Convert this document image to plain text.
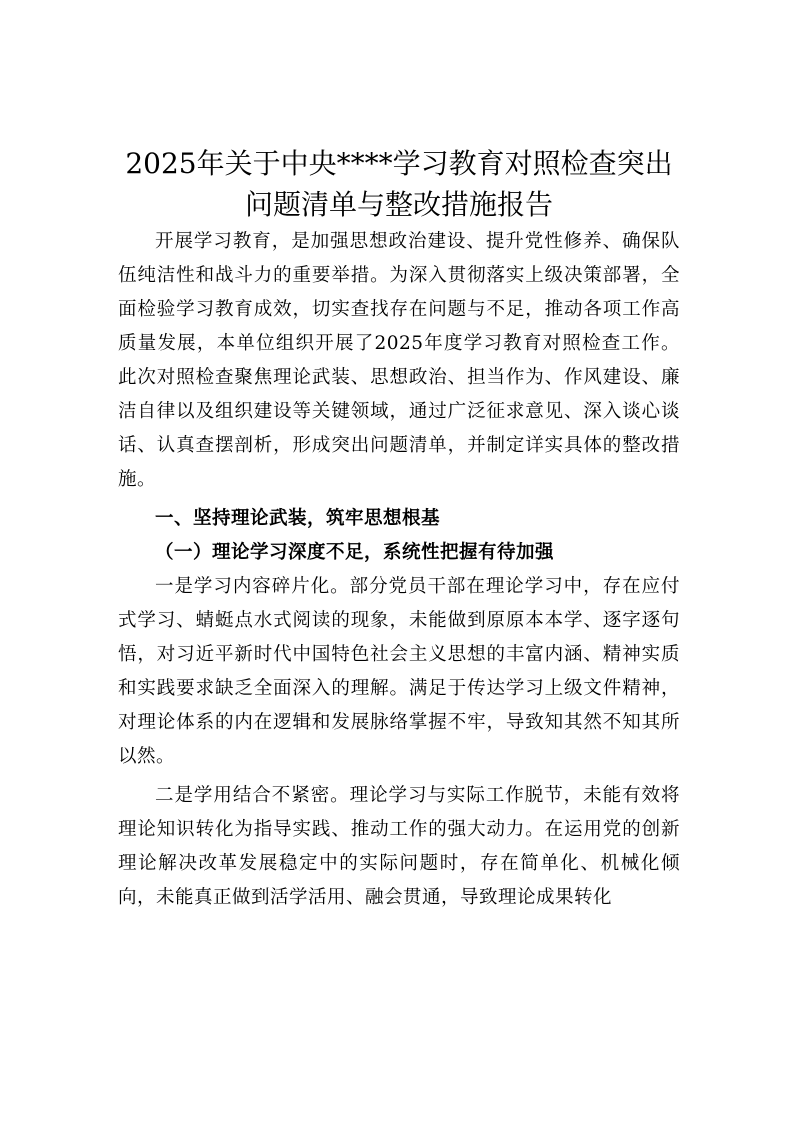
2025年关于中央****学习教育对照检查突出
问题清单与整改措施报告

开展学习教育，是加强思想政治建设、提升党性修养、确保队伍纯洁性和战斗力的重要举措。为深入贯彻落实上级决策部署，全面检验学习教育成效，切实查找存在问题与不足，推动各项工作高质量发展，本单位组织开展了2025年度学习教育对照检查工作。此次对照检查聚焦理论武装、思想政治、担当作为、作风建设、廉洁自律以及组织建设等关键领域，通过广泛征求意见、深入谈心谈话、认真查摆剖析，形成突出问题清单，并制定详实具体的整改措施。

一、坚持理论武装，筑牢思想根基

（一）理论学习深度不足，系统性把握有待加强

一是学习内容碎片化。部分党员干部在理论学习中，存在应付式学习、蜻蜓点水式阅读的现象，未能做到原原本本学、逐字逐句悟，对习近平新时代中国特色社会主义思想的丰富内涵、精神实质和实践要求缺乏全面深入的理解。满足于传达学习上级文件精神，对理论体系的内在逻辑和发展脉络掌握不牢，导致知其然不知其所以然。

二是学用结合不紧密。理论学习与实际工作脱节，未能有效将理论知识转化为指导实践、推动工作的强大动力。在运用党的创新理论解决改革发展稳定中的实际问题时，存在简单化、机械化倾向，未能真正做到活学活用、融会贯通，导致理论成果转化
